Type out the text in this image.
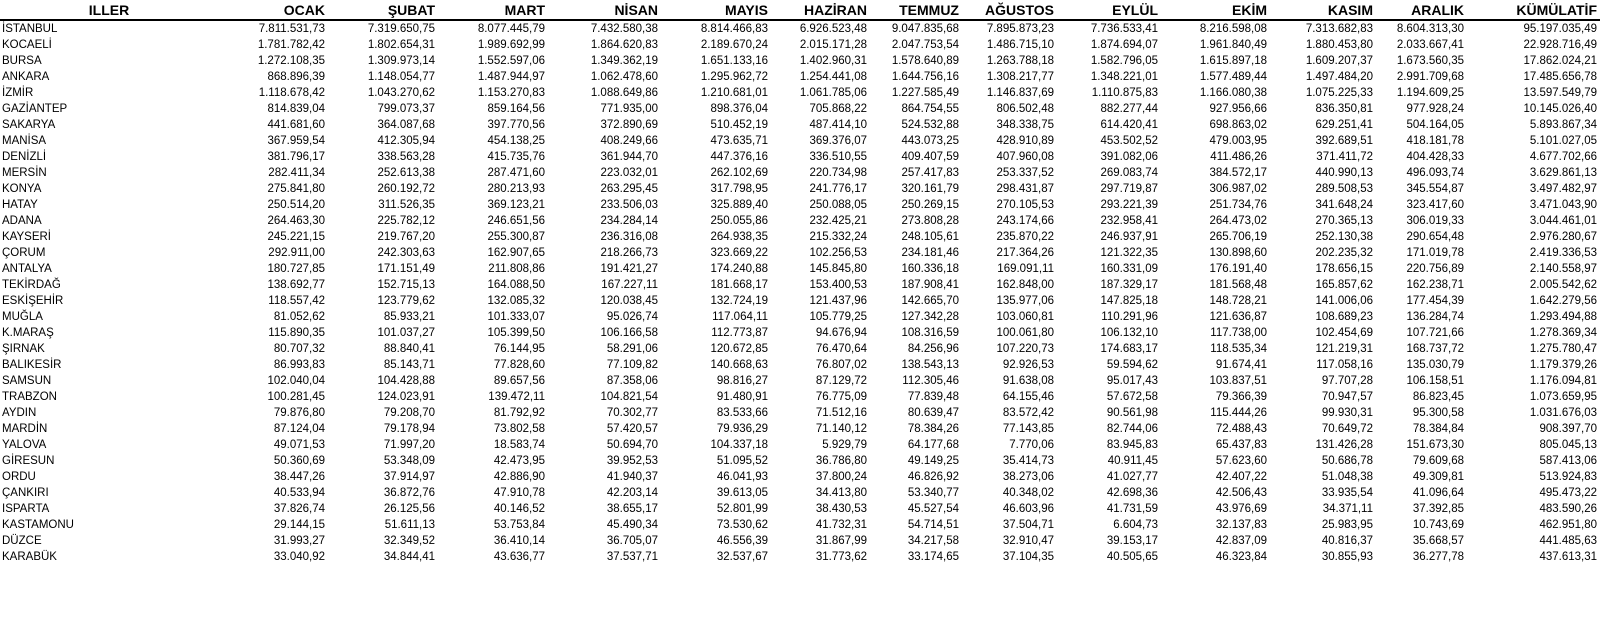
ILLER	OCAK	ŞUBAT	MART	NİSAN	MAYIS	HAZİRAN	TEMMUZ	AĞUSTOS	EYLÜL	EKİM	KASIM	ARALIK	KÜMÜLATİF
İSTANBUL	7.811.531,73	7.319.650,75	8.077.445,79	7.432.580,38	8.814.466,83	6.926.523,48	9.047.835,68	7.895.873,23	7.736.533,41	8.216.598,08	7.313.682,83	8.604.313,30	95.197.035,49
KOCAELİ	1.781.782,42	1.802.654,31	1.989.692,99	1.864.620,83	2.189.670,24	2.015.171,28	2.047.753,54	1.486.715,10	1.874.694,07	1.961.840,49	1.880.453,80	2.033.667,41	22.928.716,49
BURSA	1.272.108,35	1.309.973,14	1.552.597,06	1.349.362,19	1.651.133,16	1.402.960,31	1.578.640,89	1.263.788,18	1.582.796,05	1.615.897,18	1.609.207,37	1.673.560,35	17.862.024,21
ANKARA	868.896,39	1.148.054,77	1.487.944,97	1.062.478,60	1.295.962,72	1.254.441,08	1.644.756,16	1.308.217,77	1.348.221,01	1.577.489,44	1.497.484,20	2.991.709,68	17.485.656,78
İZMİR	1.118.678,42	1.043.270,62	1.153.270,83	1.088.649,86	1.210.681,01	1.061.785,06	1.227.585,49	1.146.837,69	1.110.875,83	1.166.080,38	1.075.225,33	1.194.609,25	13.597.549,79
GAZİANTEP	814.839,04	799.073,37	859.164,56	771.935,00	898.376,04	705.868,22	864.754,55	806.502,48	882.277,44	927.956,66	836.350,81	977.928,24	10.145.026,40
SAKARYA	441.681,60	364.087,68	397.770,56	372.890,69	510.452,19	487.414,10	524.532,88	348.338,75	614.420,41	698.863,02	629.251,41	504.164,05	5.893.867,34
MANİSA	367.959,54	412.305,94	454.138,25	408.249,66	473.635,71	369.376,07	443.073,25	428.910,89	453.502,52	479.003,95	392.689,51	418.181,78	5.101.027,05
DENİZLİ	381.796,17	338.563,28	415.735,76	361.944,70	447.376,16	336.510,55	409.407,59	407.960,08	391.082,06	411.486,26	371.411,72	404.428,33	4.677.702,66
MERSİN	282.411,34	252.613,38	287.471,60	223.032,01	262.102,69	220.734,98	257.417,83	253.337,52	269.083,74	384.572,17	440.990,13	496.093,74	3.629.861,13
KONYA	275.841,80	260.192,72	280.213,93	263.295,45	317.798,95	241.776,17	320.161,79	298.431,87	297.719,87	306.987,02	289.508,53	345.554,87	3.497.482,97
HATAY	250.514,20	311.526,35	369.123,21	233.506,03	325.889,40	250.088,05	250.269,15	270.105,53	293.221,39	251.734,76	341.648,24	323.417,60	3.471.043,90
ADANA	264.463,30	225.782,12	246.651,56	234.284,14	250.055,86	232.425,21	273.808,28	243.174,66	232.958,41	264.473,02	270.365,13	306.019,33	3.044.461,01
KAYSERİ	245.221,15	219.767,20	255.300,87	236.316,08	264.938,35	215.332,24	248.105,61	235.870,22	246.937,91	265.706,19	252.130,38	290.654,48	2.976.280,67
ÇORUM	292.911,00	242.303,63	162.907,65	218.266,73	323.669,22	102.256,53	234.181,46	217.364,26	121.322,35	130.898,60	202.235,32	171.019,78	2.419.336,53
ANTALYA	180.727,85	171.151,49	211.808,86	191.421,27	174.240,88	145.845,80	160.336,18	169.091,11	160.331,09	176.191,40	178.656,15	220.756,89	2.140.558,97
TEKİRDAĞ	138.692,77	152.715,13	164.088,50	167.227,11	181.668,17	153.400,53	187.908,41	162.848,00	187.329,17	181.568,48	165.857,62	162.238,71	2.005.542,62
ESKİŞEHİR	118.557,42	123.779,62	132.085,32	120.038,45	132.724,19	121.437,96	142.665,70	135.977,06	147.825,18	148.728,21	141.006,06	177.454,39	1.642.279,56
MUĞLA	81.052,62	85.933,21	101.333,07	95.026,74	117.064,11	105.779,25	127.342,28	103.060,81	110.291,96	121.636,87	108.689,23	136.284,74	1.293.494,88
K.MARAŞ	115.890,35	101.037,27	105.399,50	106.166,58	112.773,87	94.676,94	108.316,59	100.061,80	106.132,10	117.738,00	102.454,69	107.721,66	1.278.369,34
ŞIRNAK	80.707,32	88.840,41	76.144,95	58.291,06	120.672,85	76.470,64	84.256,96	107.220,73	174.683,17	118.535,34	121.219,31	168.737,72	1.275.780,47
BALIKESİR	86.993,83	85.143,71	77.828,60	77.109,82	140.668,63	76.807,02	138.543,13	92.926,53	59.594,62	91.674,41	117.058,16	135.030,79	1.179.379,26
SAMSUN	102.040,04	104.428,88	89.657,56	87.358,06	98.816,27	87.129,72	112.305,46	91.638,08	95.017,43	103.837,51	97.707,28	106.158,51	1.176.094,81
TRABZON	100.281,45	124.023,91	139.472,11	104.821,54	91.480,91	76.775,09	77.839,48	64.155,46	57.672,58	79.366,39	70.947,57	86.823,45	1.073.659,95
AYDIN	79.876,80	79.208,70	81.792,92	70.302,77	83.533,66	71.512,16	80.639,47	83.572,42	90.561,98	115.444,26	99.930,31	95.300,58	1.031.676,03
MARDİN	87.124,04	79.178,94	73.802,58	57.420,57	79.936,29	71.140,12	78.384,26	77.143,85	82.744,06	72.488,43	70.649,72	78.384,84	908.397,70
YALOVA	49.071,53	71.997,20	18.583,74	50.694,70	104.337,18	5.929,79	64.177,68	7.770,06	83.945,83	65.437,83	131.426,28	151.673,30	805.045,13
GİRESUN	50.360,69	53.348,09	42.473,95	39.952,53	51.095,52	36.786,80	49.149,25	35.414,73	40.911,45	57.623,60	50.686,78	79.609,68	587.413,06
ORDU	38.447,26	37.914,97	42.886,90	41.940,37	46.041,93	37.800,24	46.826,92	38.273,06	41.027,77	42.407,22	51.048,38	49.309,81	513.924,83
ÇANKIRI	40.533,94	36.872,76	47.910,78	42.203,14	39.613,05	34.413,80	53.340,77	40.348,02	42.698,36	42.506,43	33.935,54	41.096,64	495.473,22
ISPARTA	37.826,74	26.125,56	40.146,52	38.655,17	52.801,99	38.430,53	45.527,54	46.603,96	41.731,59	43.976,69	34.371,11	37.392,85	483.590,26
KASTAMONU	29.144,15	51.611,13	53.753,84	45.490,34	73.530,62	41.732,31	54.714,51	37.504,71	6.604,73	32.137,83	25.983,95	10.743,69	462.951,80
DÜZCE	31.993,27	32.349,52	36.410,14	36.705,07	46.556,39	31.867,99	34.217,58	32.910,47	39.153,17	42.837,09	40.816,37	35.668,57	441.485,63
KARABÜK	33.040,92	34.844,41	43.636,77	37.537,71	32.537,67	31.773,62	33.174,65	37.104,35	40.505,65	46.323,84	30.855,93	36.277,78	437.613,31
